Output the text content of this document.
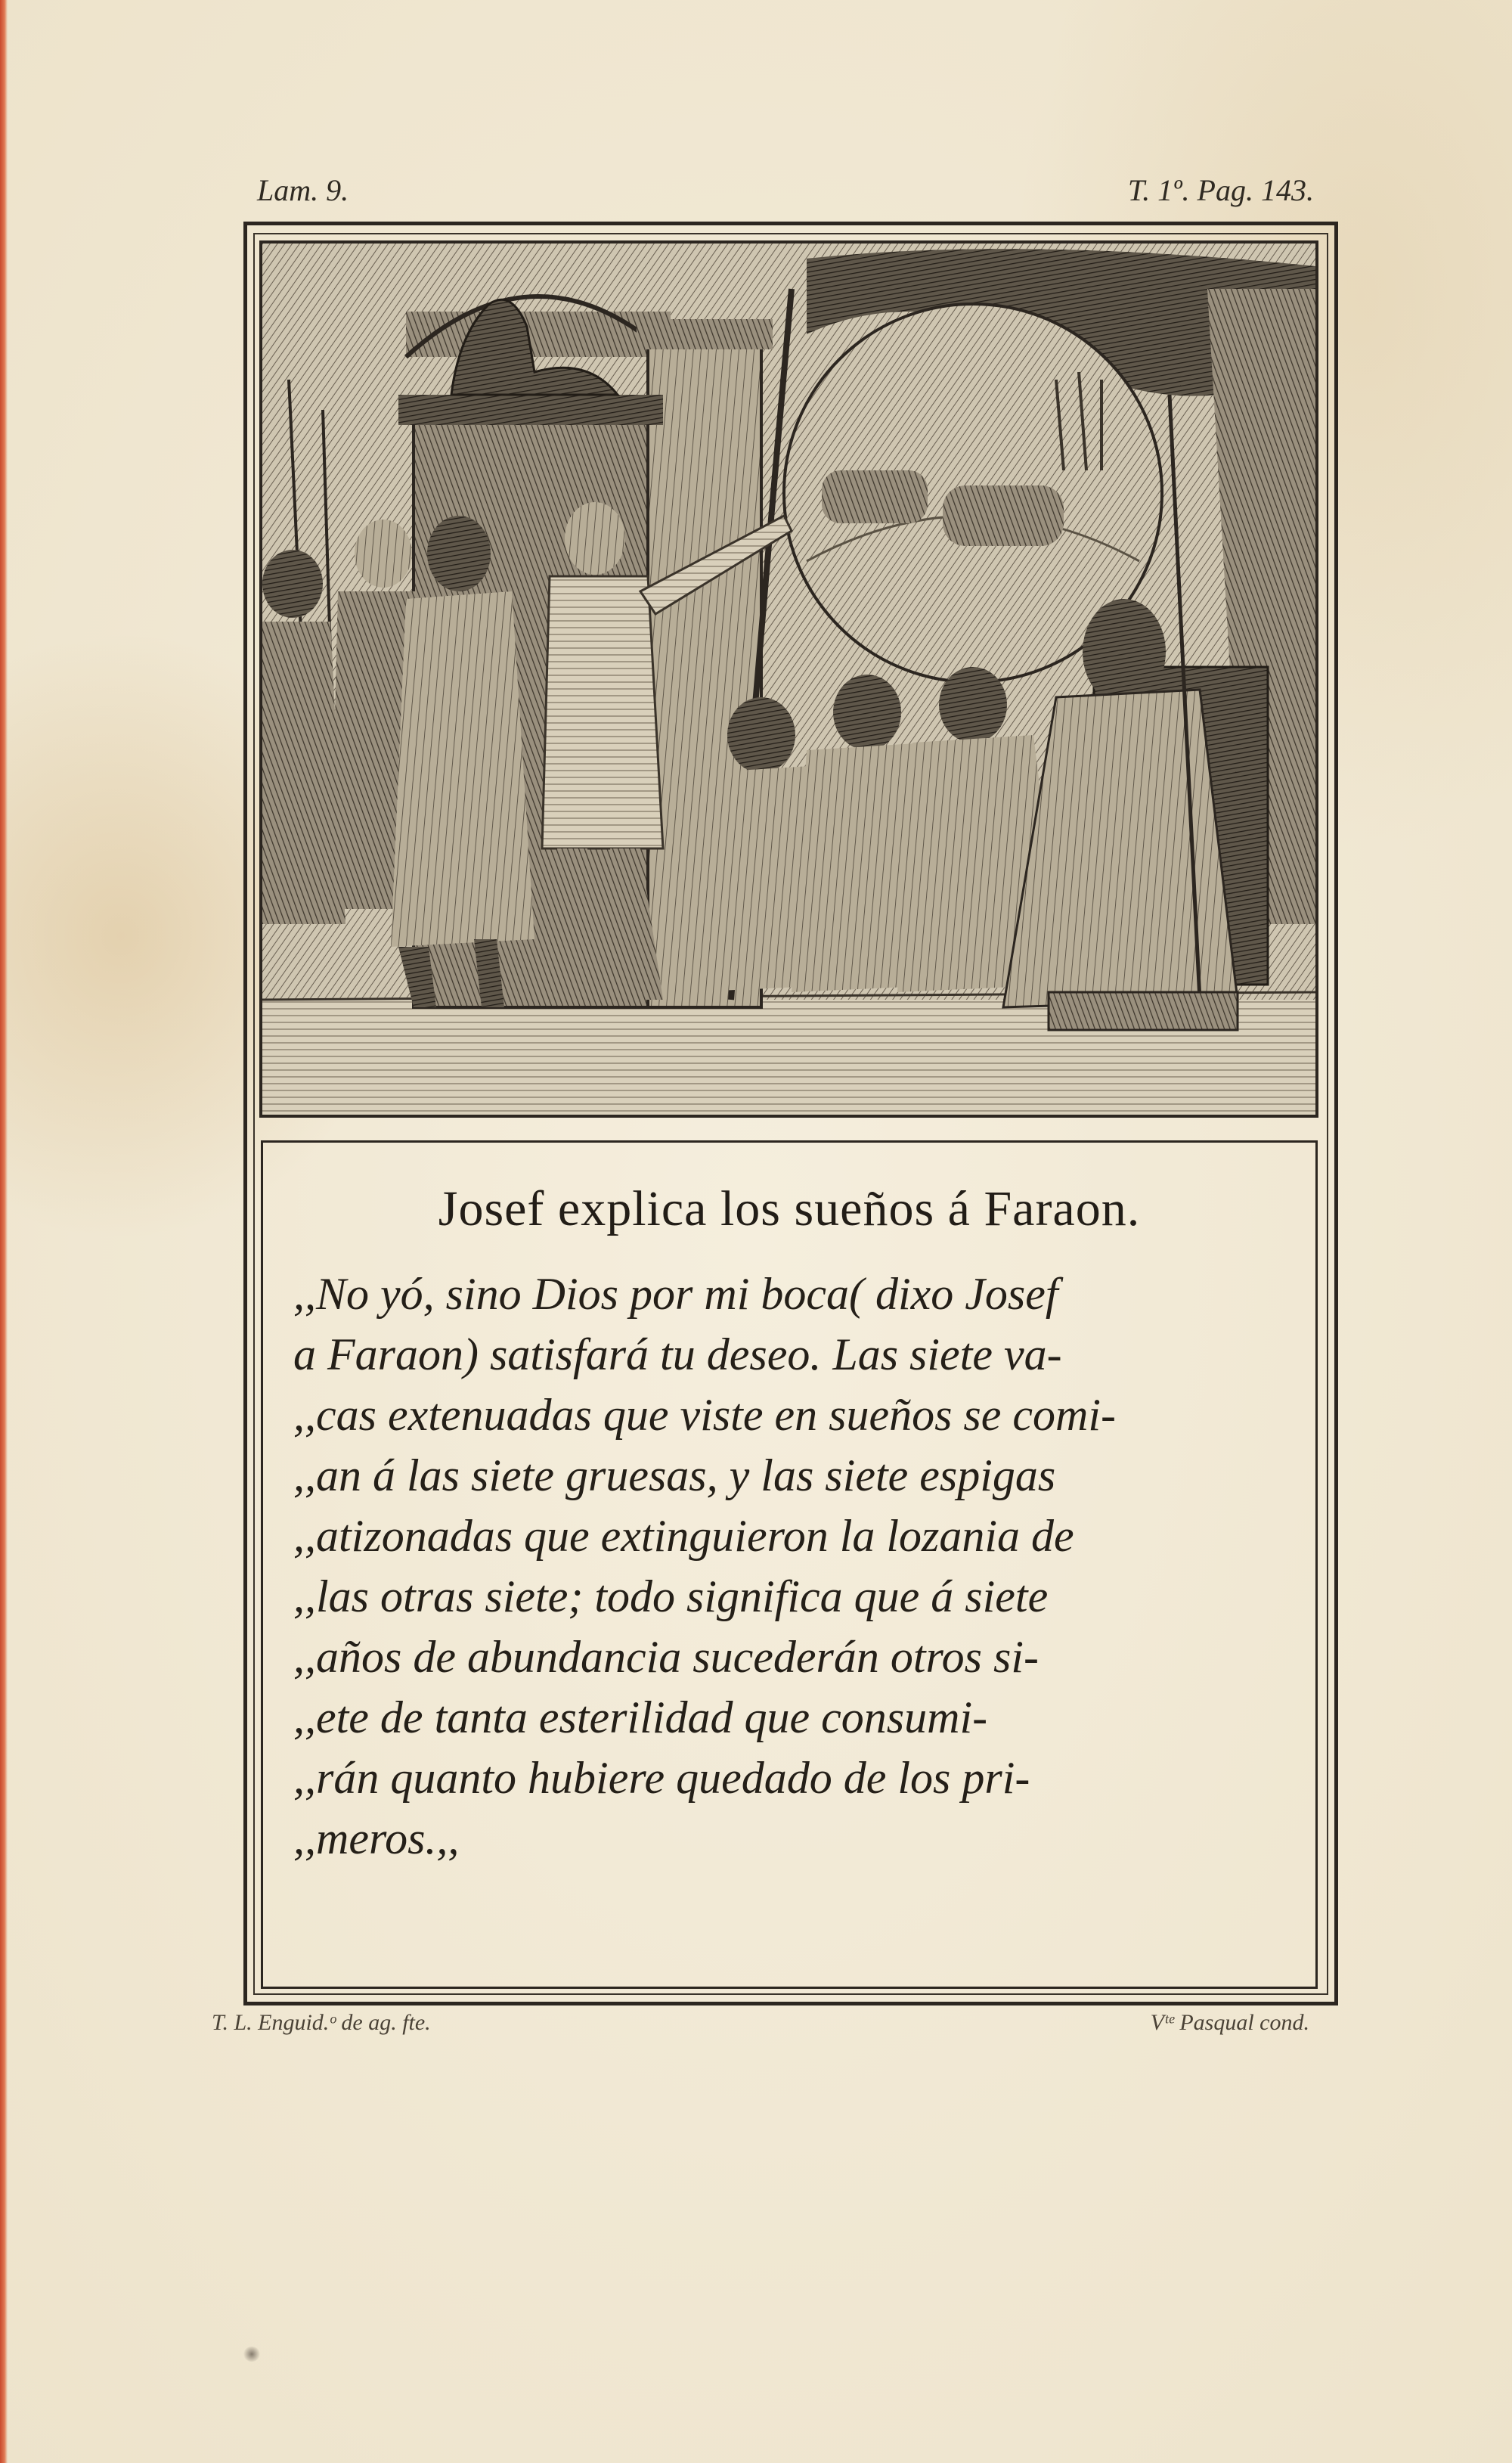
Lam. 9.	T. 1º. Pag. 143.
Josef explica los sueños á Faraon.
,,No yó, sino Dios por mi boca( dixo Josef
a Faraon) satisfará tu deseo. Las siete va-
,,cas extenuadas que viste en sueños se comi-
,,an á las siete gruesas, y las siete espigas
,,atizonadas que extinguieron la lozania de
,,las otras siete; todo significa que á siete
,,años de abundancia sucederán otros si-
,,ete de tanta esterilidad que consumi-
,,rán quanto hubiere quedado de los pri-
,,meros.,,
T. L. Enguid.ᵒ de ag. fte.	Vᵗᵉ Pasqual cond.
